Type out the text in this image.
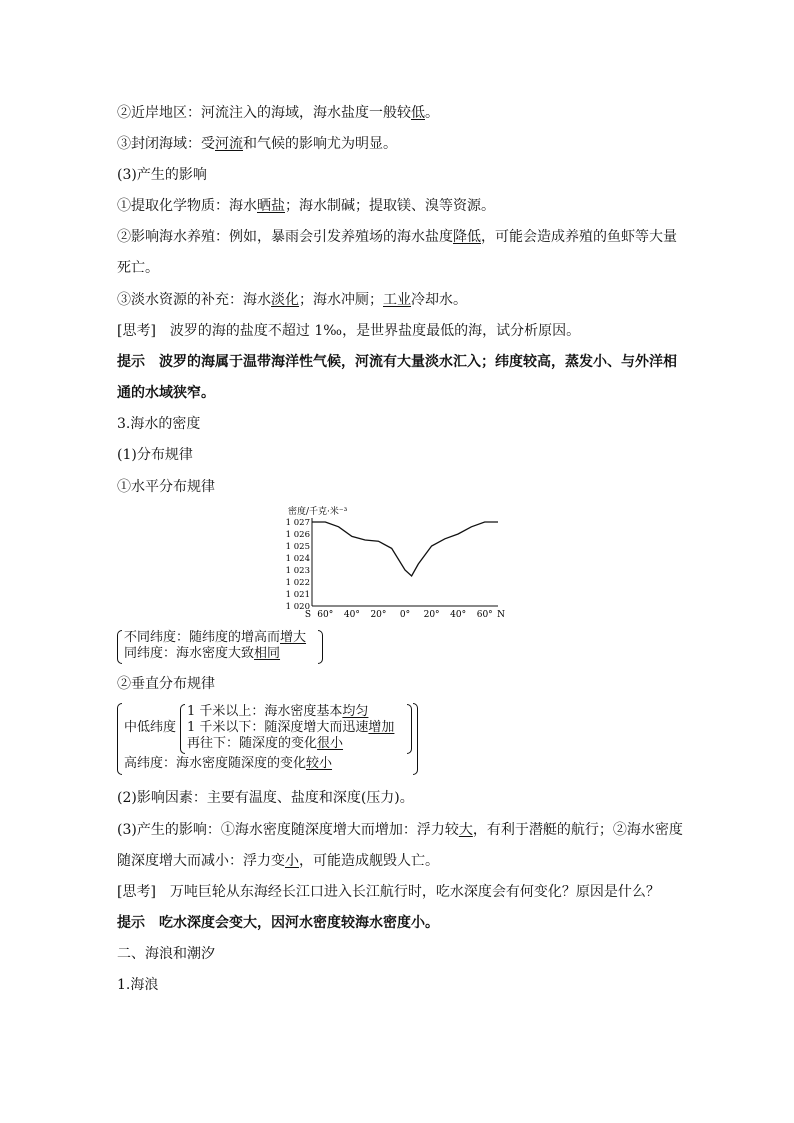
②近岸地区：河流注入的海域，海水盐度一般较低。
③封闭海域：受河流和气候的影响尤为明显。
(3)产生的影响
①提取化学物质：海水晒盐；海水制碱；提取镁、溴等资源。
②影响海水养殖：例如，暴雨会引发养殖场的海水盐度降低，可能会造成养殖的鱼虾等大量
死亡。
③淡水资源的补充：海水淡化；海水冲厕；工业冷却水。
[思考]　波罗的海的盐度不超过 1‰，是世界盐度最低的海，试分析原因。
提示　波罗的海属于温带海洋性气候，河流有大量淡水汇入；纬度较高，蒸发小、与外洋相
通的水域狭窄。
3.海水的密度
(1)分布规律
①水平分布规律
密度/千克·米⁻³
1 027
1 026
1 025
1 024
1 023
1 022
1 021
1 020
S 60° 40° 20° 0° 20° 40° 60° N
不同纬度：随纬度的增高而增大
同纬度：海水密度大致相同
②垂直分布规律
中低纬度
1 千米以上：海水密度基本均匀
1 千米以下：随深度增大而迅速增加
再往下：随深度的变化很小
高纬度：海水密度随深度的变化较小
(2)影响因素：主要有温度、盐度和深度(压力)。
(3)产生的影响：①海水密度随深度增大而增加：浮力较大，有利于潜艇的航行；②海水密度
随深度增大而减小：浮力变小，可能造成舰毁人亡。
[思考]　万吨巨轮从东海经长江口进入长江航行时，吃水深度会有何变化？原因是什么？
提示　吃水深度会变大，因河水密度较海水密度小。
二、海浪和潮汐
1.海浪
